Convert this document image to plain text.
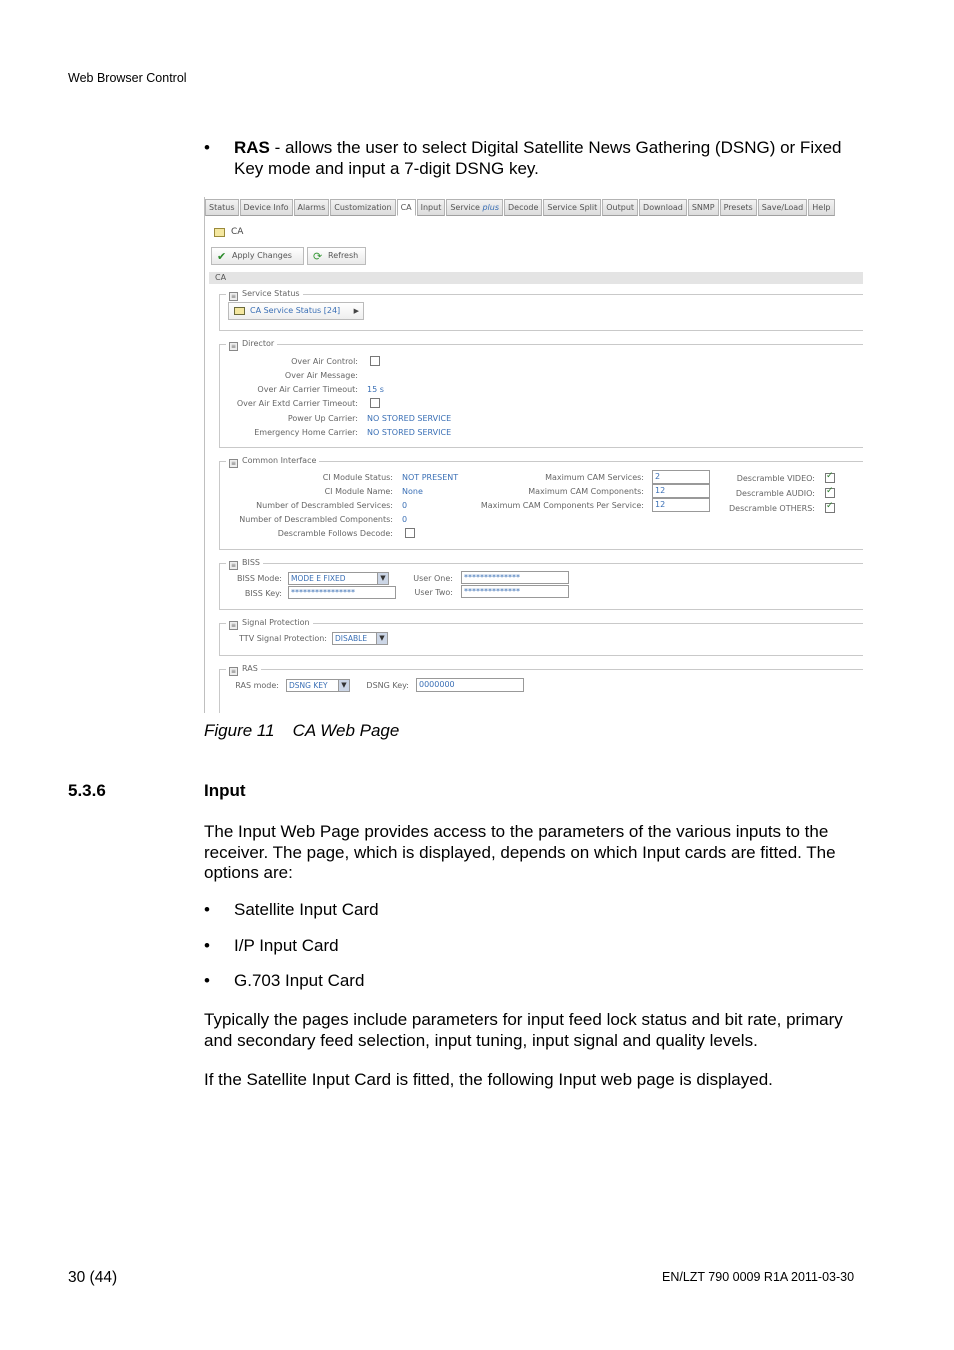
Web Browser Control
• RAS - allows the user to select Digital Satellite News Gathering (DSNG) or Fixed Key mode and input a 7-digit DSNG key.
Status	Device Info	Alarms	Customization	CA	Input	Service plus	Decode	Service Split	Output	Download	SNMP	Presets	Save/Load	Help
CA
✔ Apply Changes	⟳ Refresh
CA
≡ Service Status
CA Service Status [24] ▶
≡ Director
Over Air Control:
Over Air Message:
Over Air Carrier Timeout: 15 s
Over Air Extd Carrier Timeout:
Power Up Carrier: NO STORED SERVICE
Emergency Home Carrier: NO STORED SERVICE
≡ Common Interface
CI Module Status: NOT PRESENT
CI Module Name: None
Number of Descrambled Services: 0
Number of Descrambled Components: 0
Descramble Follows Decode:
Maximum CAM Services:	2
Maximum CAM Components:	12
Maximum CAM Components Per Service:	12
Descramble VIDEO:
✓
Descramble AUDIO:
✓
Descramble OTHERS:
✓
≡ BISS
BISS Mode:	MODE E FIXED	▼
BISS Key:	****************
User One:	**************
User Two:	**************
≡ Signal Protection
TTV Signal Protection:	DISABLE	▼
≡ RAS
RAS mode:	DSNG KEY	▼ DSNG Key:	0000000
Figure 11 CA Web Page
5.3.6	Input
The Input Web Page provides access to the parameters of the various inputs to the receiver. The page, which is displayed, depends on which Input cards are fitted. The options are:
• Satellite Input Card
• I/P Input Card
• G.703 Input Card
Typically the pages include parameters for input feed lock status and bit rate, primary and secondary feed selection, input tuning, input signal and quality levels.
If the Satellite Input Card is fitted, the following Input web page is displayed.
30 (44)	EN/LZT 790 0009 R1A 2011-03-30
